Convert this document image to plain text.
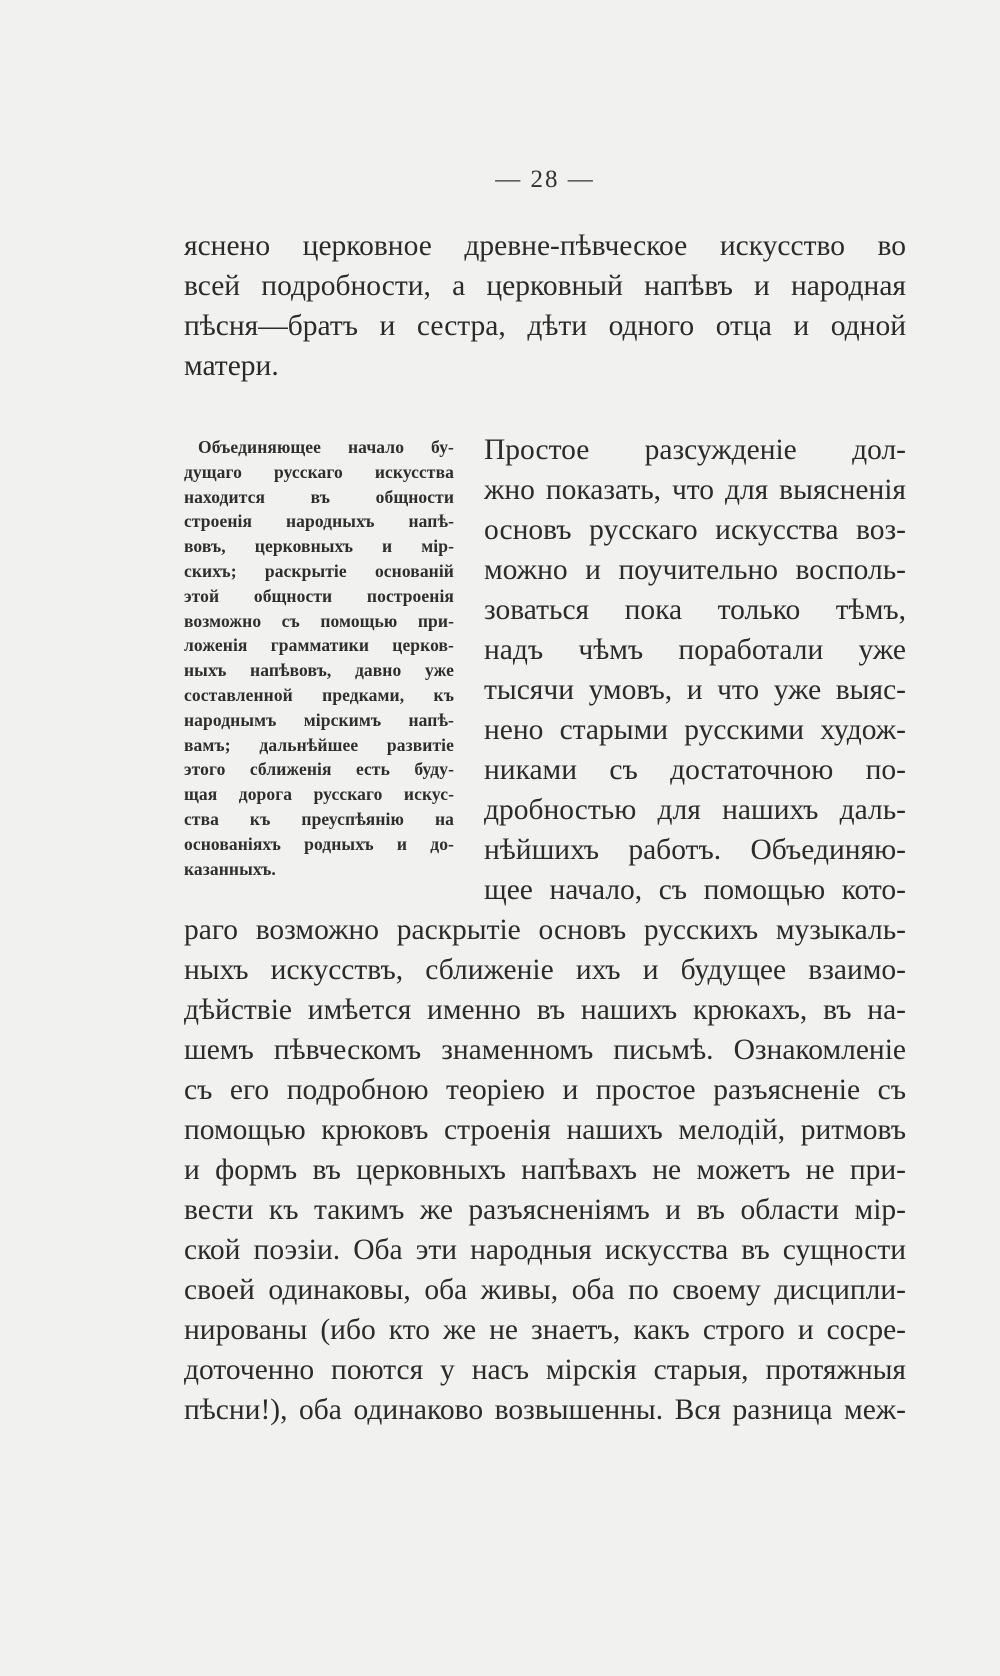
— 28 —
яснено церковное древне-пѣвческое искусство во
всей подробности, а церковный напѣвъ и народная
пѣсня—братъ и сестра, дѣти одного отца и одной
матери.
Объединяющее начало бу-
дущаго русскаго искусства
находится въ общности
строенія народныхъ напѣ-
вовъ, церковныхъ и мір-
скихъ; раскрытіе основаній
этой общности построенія
возможно съ помощью при-
ложенія грамматики церков-
ныхъ напѣвовъ, давно уже
составленной предками, къ
народнымъ мірскимъ напѣ-
вамъ; дальнѣйшее развитіе
этого сближенія есть буду-
щая дорога русскаго искус-
ства къ преуспѣянію на
основаніяхъ родныхъ и до-
казанныхъ.
Простое разсужденіе дол-
жно показать, что для выясненія
основъ русскаго искусства воз-
можно и поучительно восполь-
зоваться пока только тѣмъ,
надъ чѣмъ поработали уже
тысячи умовъ, и что уже выяс-
нено старыми русскими худож-
никами съ достаточною по-
дробностью для нашихъ даль-
нѣйшихъ работъ. Объединяю-
щее начало, съ помощью кото-
раго возможно раскрытіе основъ русскихъ музыкаль-
ныхъ искусствъ, сближеніе ихъ и будущее взаимо-
дѣйствіе имѣется именно въ нашихъ крюкахъ, въ на-
шемъ пѣвческомъ знаменномъ письмѣ. Ознакомленіе
съ его подробною теоріею и простое разъясненіе съ
помощью крюковъ строенія нашихъ мелодій, ритмовъ
и формъ въ церковныхъ напѣвахъ не можетъ не при-
вести къ такимъ же разъясненіямъ и въ области мір-
ской поэзіи. Оба эти народныя искусства въ сущности
своей одинаковы, оба живы, оба по своему дисципли-
нированы (ибо кто же не знаетъ, какъ строго и сосре-
доточенно поются у насъ мірскія старыя, протяжныя
пѣсни!), оба одинаково возвышенны. Вся разница меж-
